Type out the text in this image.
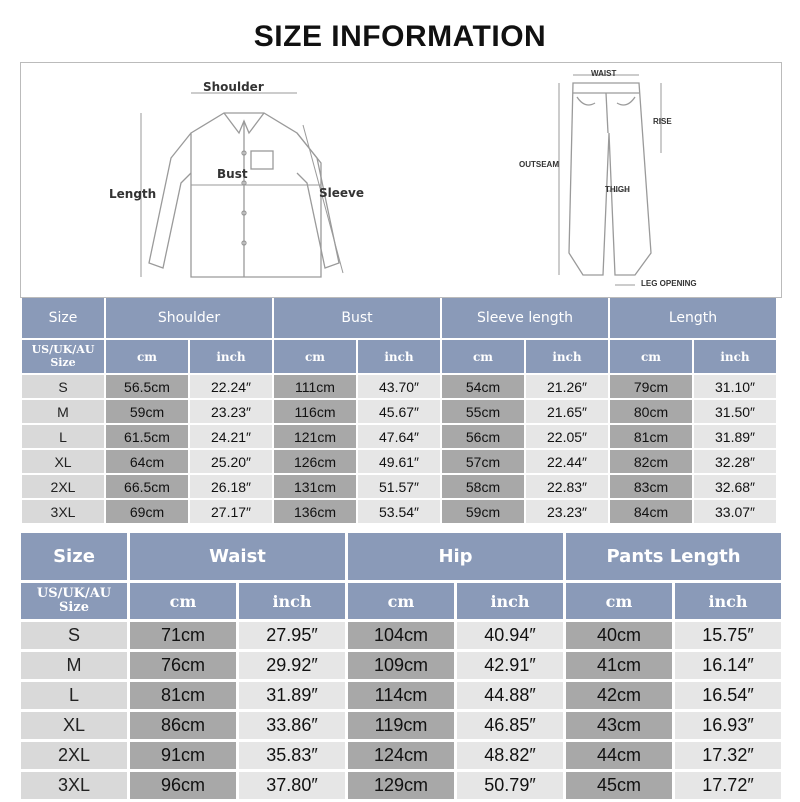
SIZE INFORMATION
Shoulder
Bust
Length	Sleeve
WAIST
RISE
OUTSEAM
THIGH
LEG OPENING
Size	Shoulder		Bust		Sleeve length		Length	
US/UK/AU Size	cm	inch	cm	inch	cm	inch	cm	inch
S	56.5cm	22.24″	111cm	43.70″	54cm	21.26″	79cm	31.10″
M	59cm	23.23″	116cm	45.67″	55cm	21.65″	80cm	31.50″
L	61.5cm	24.21″	121cm	47.64″	56cm	22.05″	81cm	31.89″
XL	64cm	25.20″	126cm	49.61″	57cm	22.44″	82cm	32.28″
2XL	66.5cm	26.18″	131cm	51.57″	58cm	22.83″	83cm	32.68″
3XL	69cm	27.17″	136cm	53.54″	59cm	23.23″	84cm	33.07″
Size	Waist		Hip		Pants Length	
US/UK/AU Size	cm	inch	cm	inch	cm	inch
S	71cm	27.95″	104cm	40.94″	40cm	15.75″
M	76cm	29.92″	109cm	42.91″	41cm	16.14″
L	81cm	31.89″	114cm	44.88″	42cm	16.54″
XL	86cm	33.86″	119cm	46.85″	43cm	16.93″
2XL	91cm	35.83″	124cm	48.82″	44cm	17.32″
3XL	96cm	37.80″	129cm	50.79″	45cm	17.72″
